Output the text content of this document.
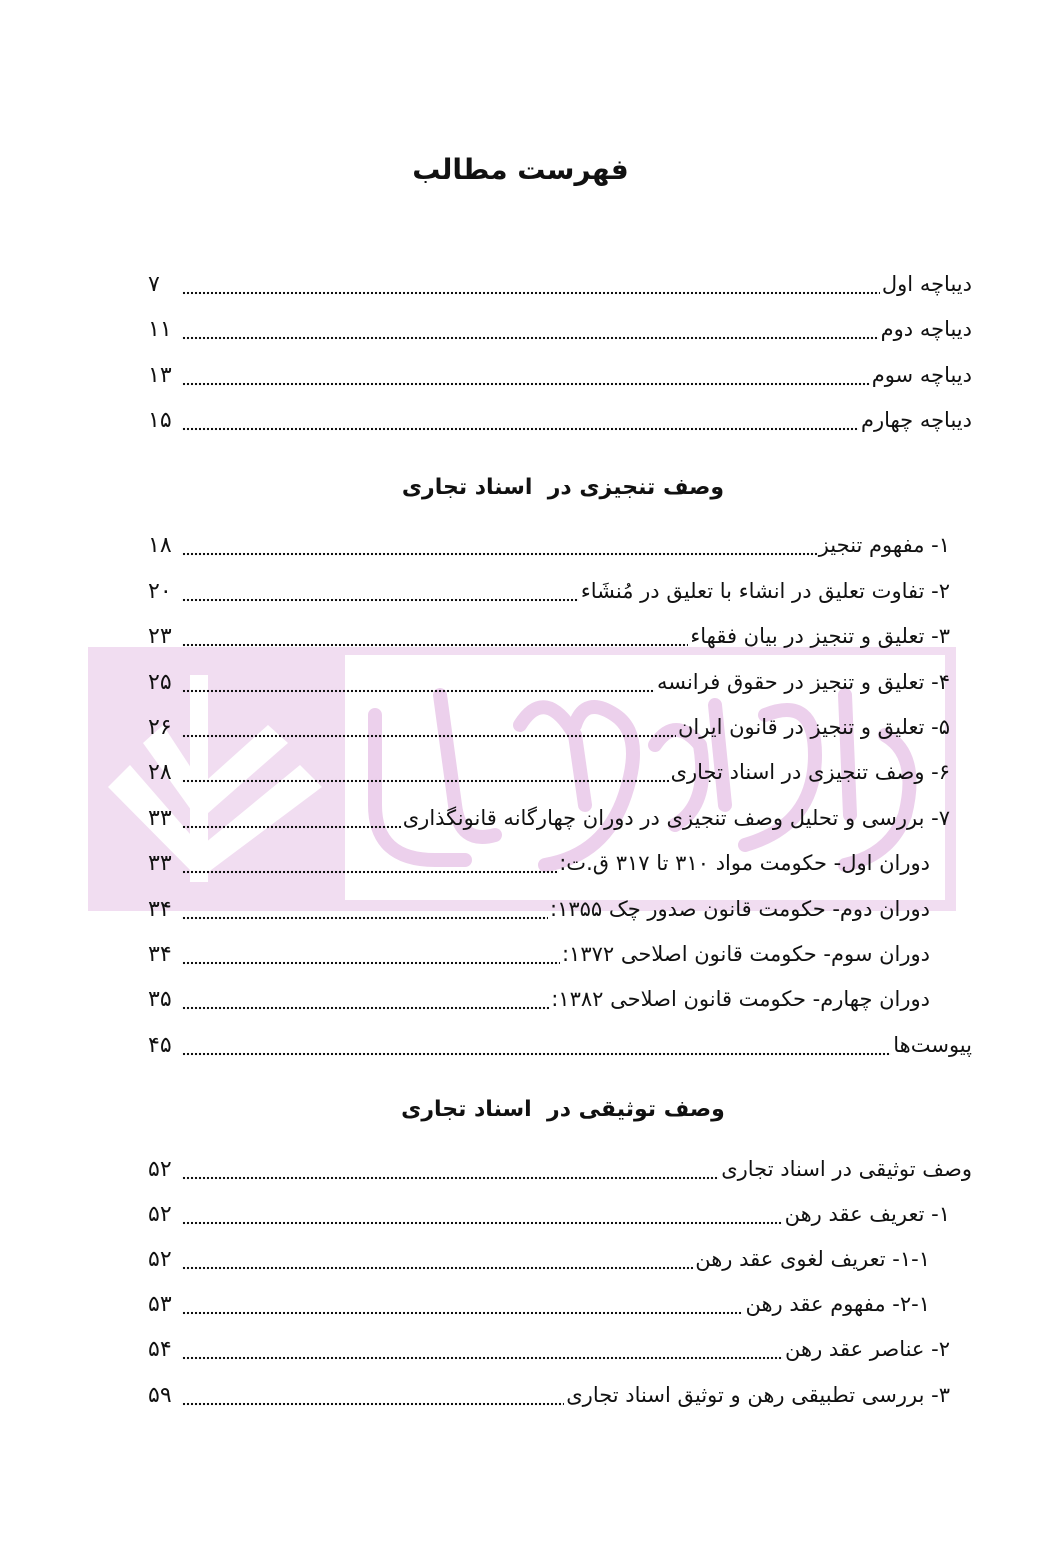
فهرست مطالب
دیباچه اول
۷
دیباچه دوم
۱۱
دیباچه سوم
۱۳
دیباچه چهارم
۱۵
وصف تنجیزی در  اسناد تجاری
۱- مفهوم تنجیز
۱۸
۲- تفاوت تعلیق در انشاء با تعلیق در مُنشَاء
۲۰
۳- تعلیق و تنجیز در بیان فقهاء
۲۳
۴- تعلیق و تنجیز در حقوق فرانسه
۲۵
۵- تعلیق و تنجیز در قانون ایران
۲۶
۶- وصف تنجیزی در اسناد تجاری
۲۸
۷- بررسی و تحلیل وصف تنجیزی در دوران چهارگانه قانونگذاری
۳۳
دوران اول- حکومت مواد ۳۱۰ تا ۳۱۷ ق.ت:
۳۳
دوران دوم- حکومت قانون صدور چک ۱۳۵۵:
۳۴
دوران سوم- حکومت قانون اصلاحی ۱۳۷۲:
۳۴
دوران چهارم- حکومت قانون اصلاحی ۱۳۸۲:
۳۵
پیوست‌ها
۴۵
وصف توثیقی در  اسناد تجاری
وصف توثیقی در اسناد تجاری
۵۲
۱- تعریف عقد رهن
۵۲
۱-۱- تعریف لغوی عقد رهن
۵۲
۲-۱- مفهوم عقد رهن
۵۳
۲- عناصر عقد رهن
۵۴
۳- بررسی تطبیقی رهن و توثیق اسناد تجاری
۵۹
